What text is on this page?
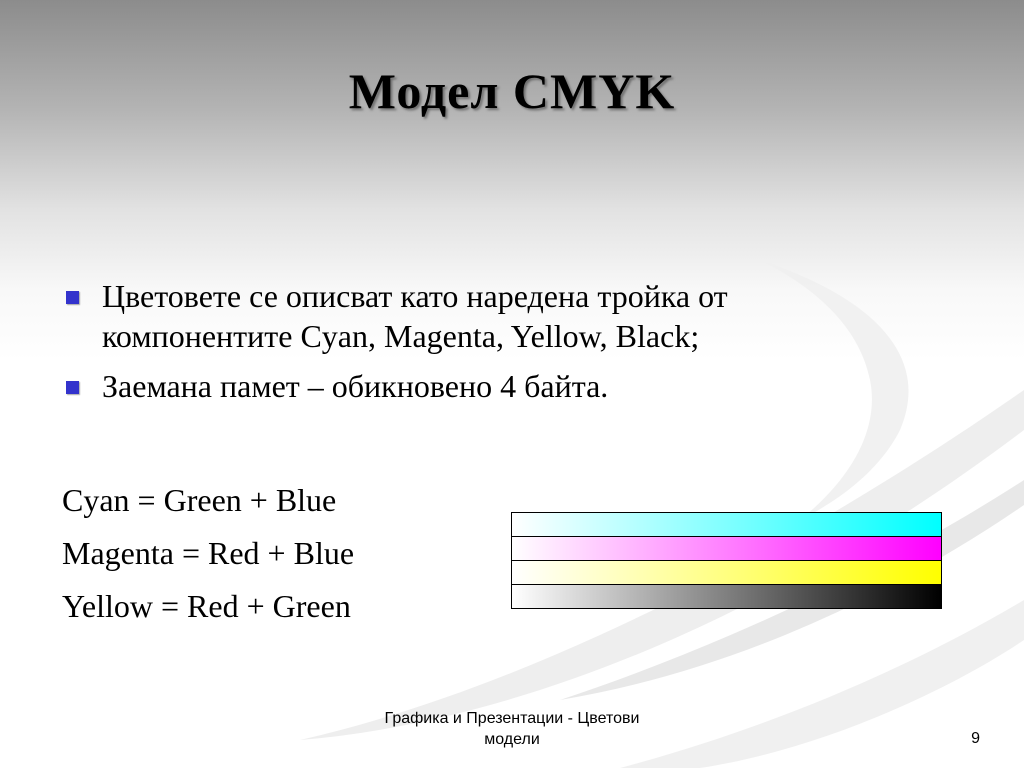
Модел CMYK
Цветовете се описват като наредена тройка от компонентите Cyan, Magenta, Yellow, Black;
Заемана памет – обикновено 4 байта.
Cyan = Green + Blue
Magenta = Red + Blue
Yellow = Red + Green
Графика и Презентации - Цветови модели	9
